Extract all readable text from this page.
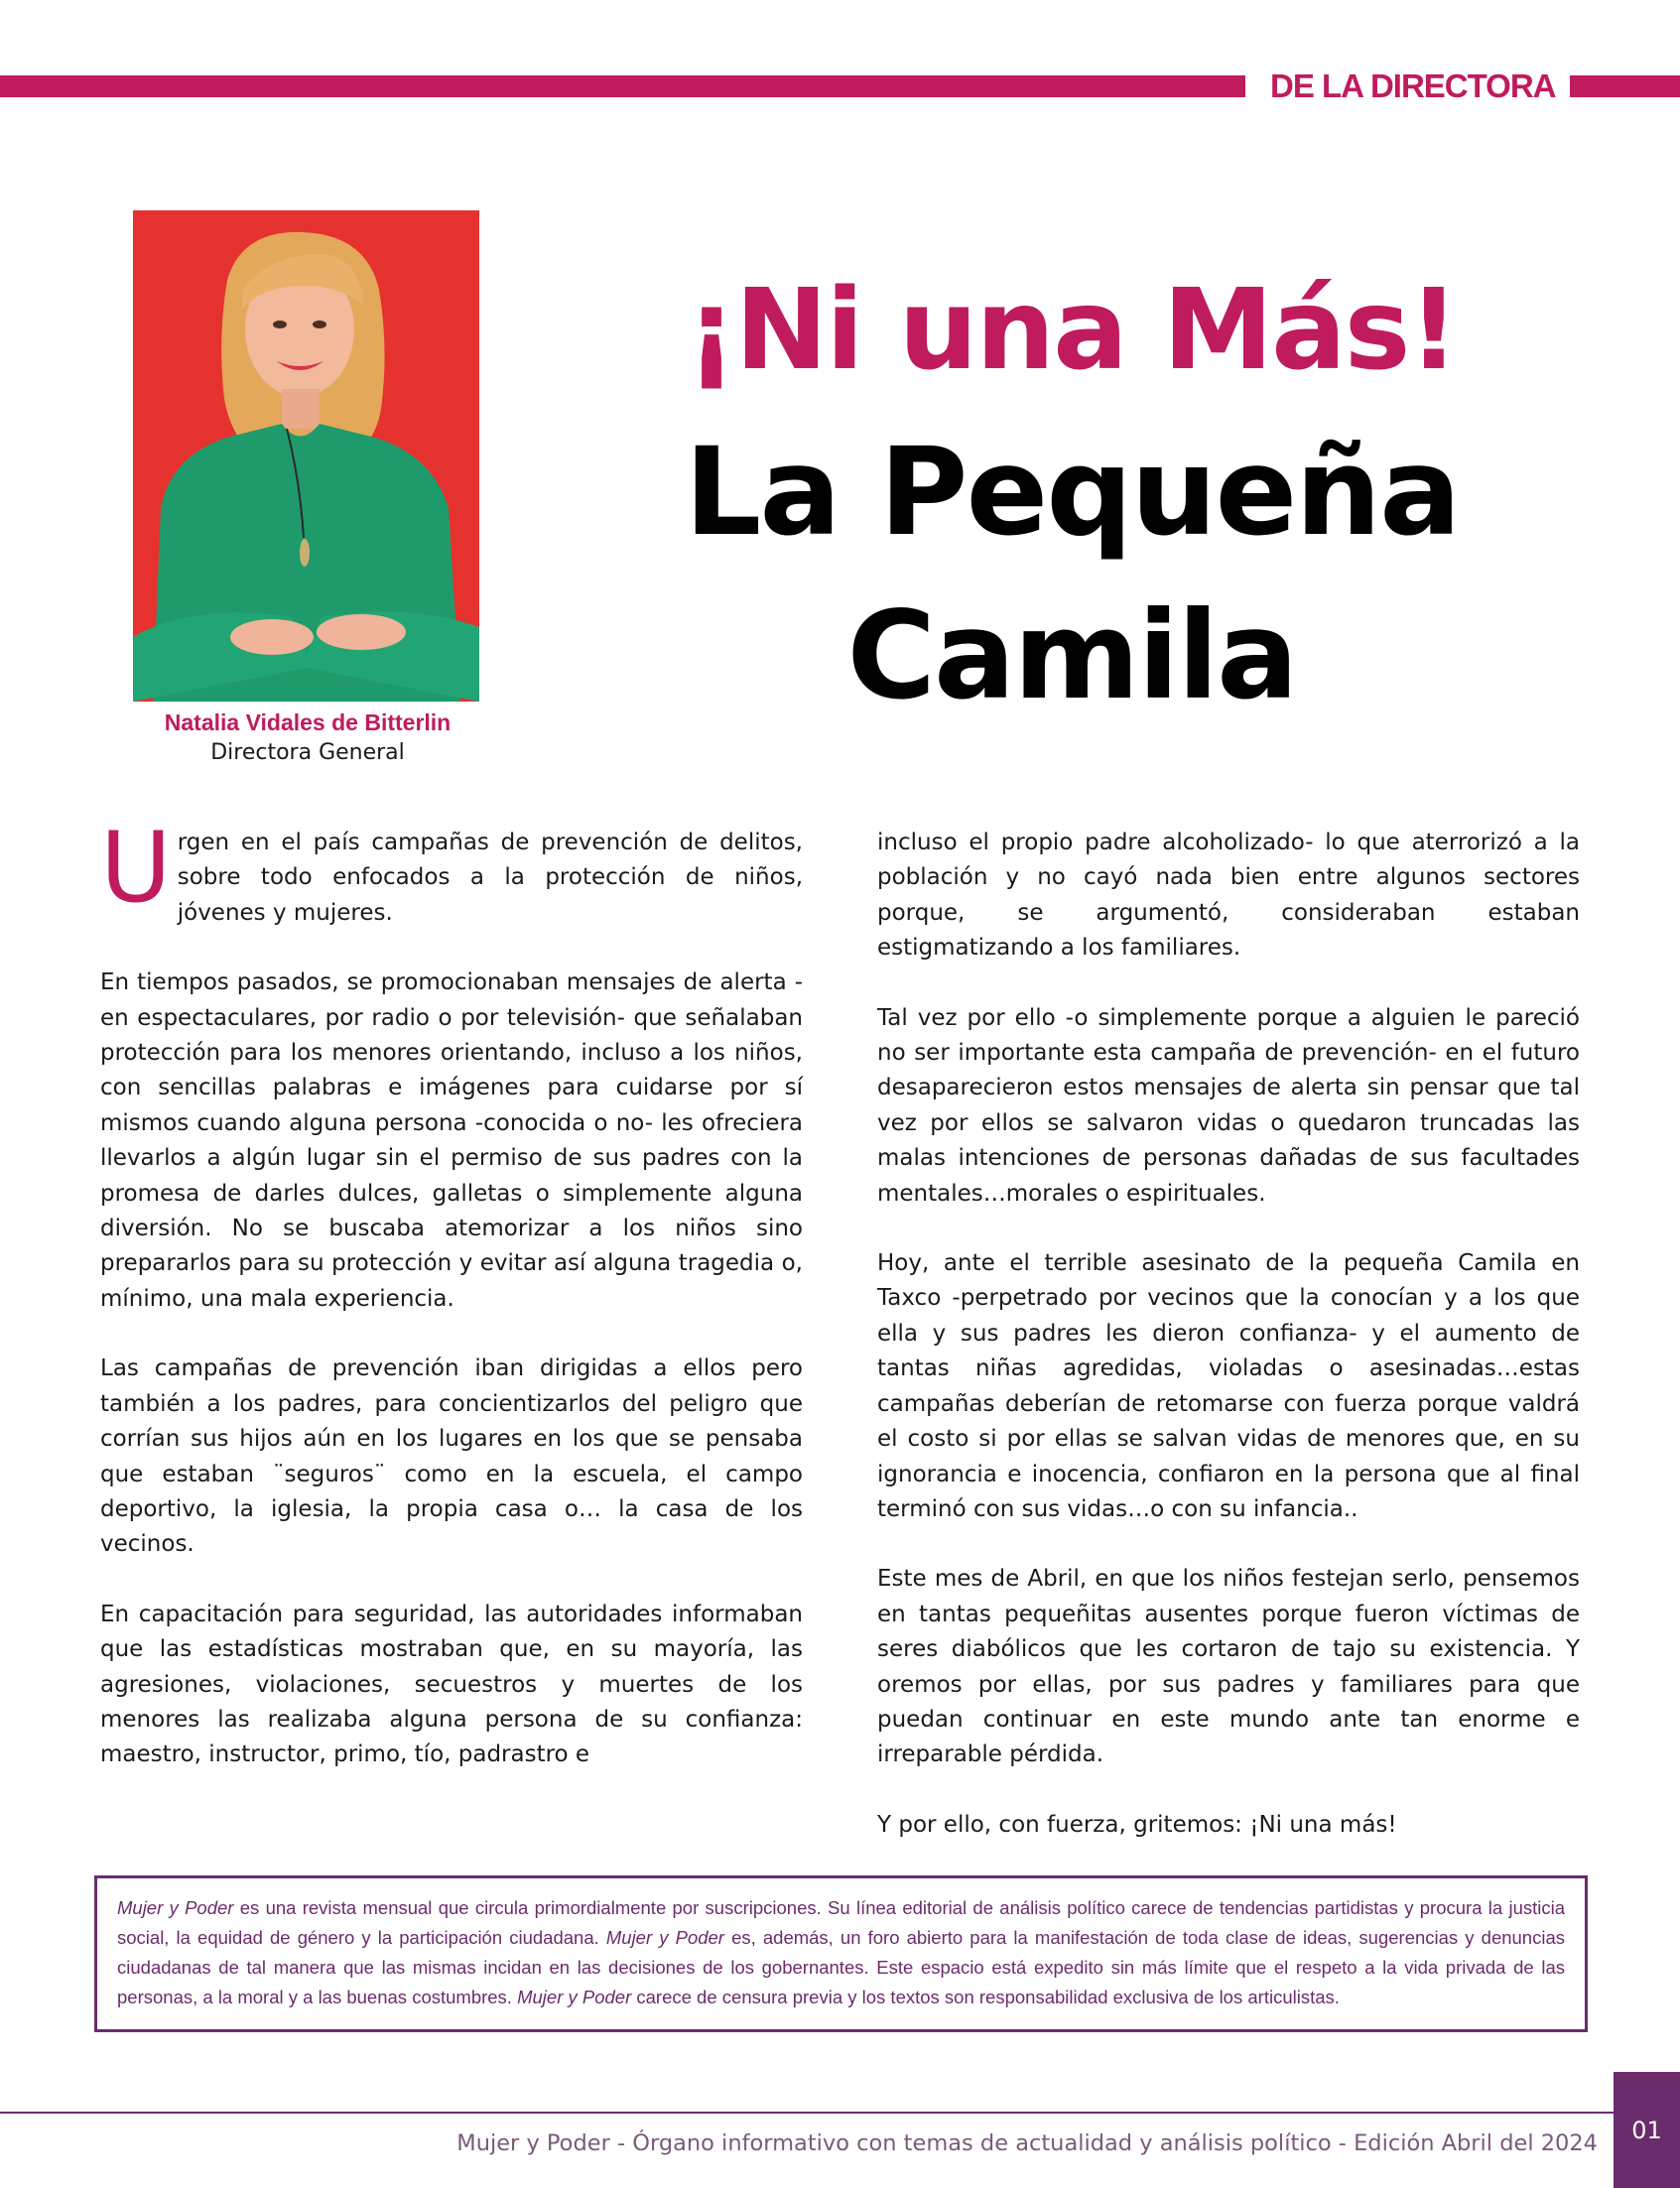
DE LA DIRECTORA
Natalia Vidales de Bitterlin
Directora General
¡Ni una Más!
La Pequeña
Camila

Urgen en el país campañas de prevención de delitos, sobre todo enfocados a la protección de niños, jóvenes y mujeres.

En tiempos pasados, se promocionaban mensajes de alerta -en espectaculares, por radio o por televisión- que señalaban protección para los menores orientando, incluso a los niños, con sencillas palabras e imágenes para cuidarse por sí mismos cuando alguna persona -conocida o no- les ofreciera llevarlos a algún lugar sin el permiso de sus padres con la promesa de darles dulces, galletas o simplemente alguna diversión. No se buscaba atemorizar a los niños sino prepararlos para su protección y evitar así alguna tragedia o, mínimo, una mala experiencia.

Las campañas de prevención iban dirigidas a ellos pero también a los padres, para concientizarlos del peligro que corrían sus hijos aún en los lugares en los que se pensaba que estaban ¨seguros¨ como en la escuela, el campo deportivo, la iglesia, la propia casa o… la casa de los vecinos.

En capacitación para seguridad, las autoridades informaban que las estadísticas mostraban que, en su mayoría, las agresiones, violaciones, secuestros y muertes de los menores las realizaba alguna persona de su confianza: maestro, instructor, primo, tío, padrastro e

incluso el propio padre alcoholizado- lo que aterrorizó a la población y no cayó nada bien entre algunos sectores porque, se argumentó, consideraban estaban estigmatizando a los familiares.

Tal vez por ello -o simplemente porque a alguien le pareció no ser importante esta campaña de prevención- en el futuro desaparecieron estos mensajes de alerta sin pensar que tal vez por ellos se salvaron vidas o quedaron truncadas las malas intenciones de personas dañadas de sus facultades mentales…morales o espirituales.

Hoy, ante el terrible asesinato de la pequeña Camila en Taxco -perpetrado por vecinos que la conocían y a los que ella y sus padres les dieron confianza- y el aumento de tantas niñas agredidas, violadas o asesinadas…estas campañas deberían de retomarse con fuerza porque valdrá el costo si por ellas se salvan vidas de menores que, en su ignorancia e inocencia, confiaron en la persona que al final terminó con sus vidas…o con su infancia..

Este mes de Abril, en que los niños festejan serlo, pensemos en tantas pequeñitas ausentes porque fueron víctimas de seres diabólicos que les cortaron de tajo su existencia. Y oremos por ellas, por sus padres y familiares para que puedan continuar en este mundo ante tan enorme e irreparable pérdida.

Y por ello, con fuerza, gritemos: ¡Ni una más!

Mujer y Poder es una revista mensual que circula primordialmente por suscripciones. Su línea editorial de análisis político carece de tendencias partidistas y procura la justicia social, la equidad de género y la participación ciudadana. Mujer y Poder es, además, un foro abierto para la manifestación de toda clase de ideas, sugerencias y denuncias ciudadanas de tal manera que las mismas incidan en las decisiones de los gobernantes. Este espacio está expedito sin más límite que el respeto a la vida privada de las personas, a la moral y a las buenas costumbres. Mujer y Poder carece de censura previa y los textos son responsabilidad exclusiva de los articulistas.
Mujer y Poder - Órgano informativo con temas de actualidad y análisis político - Edición Abril del 2024	01
